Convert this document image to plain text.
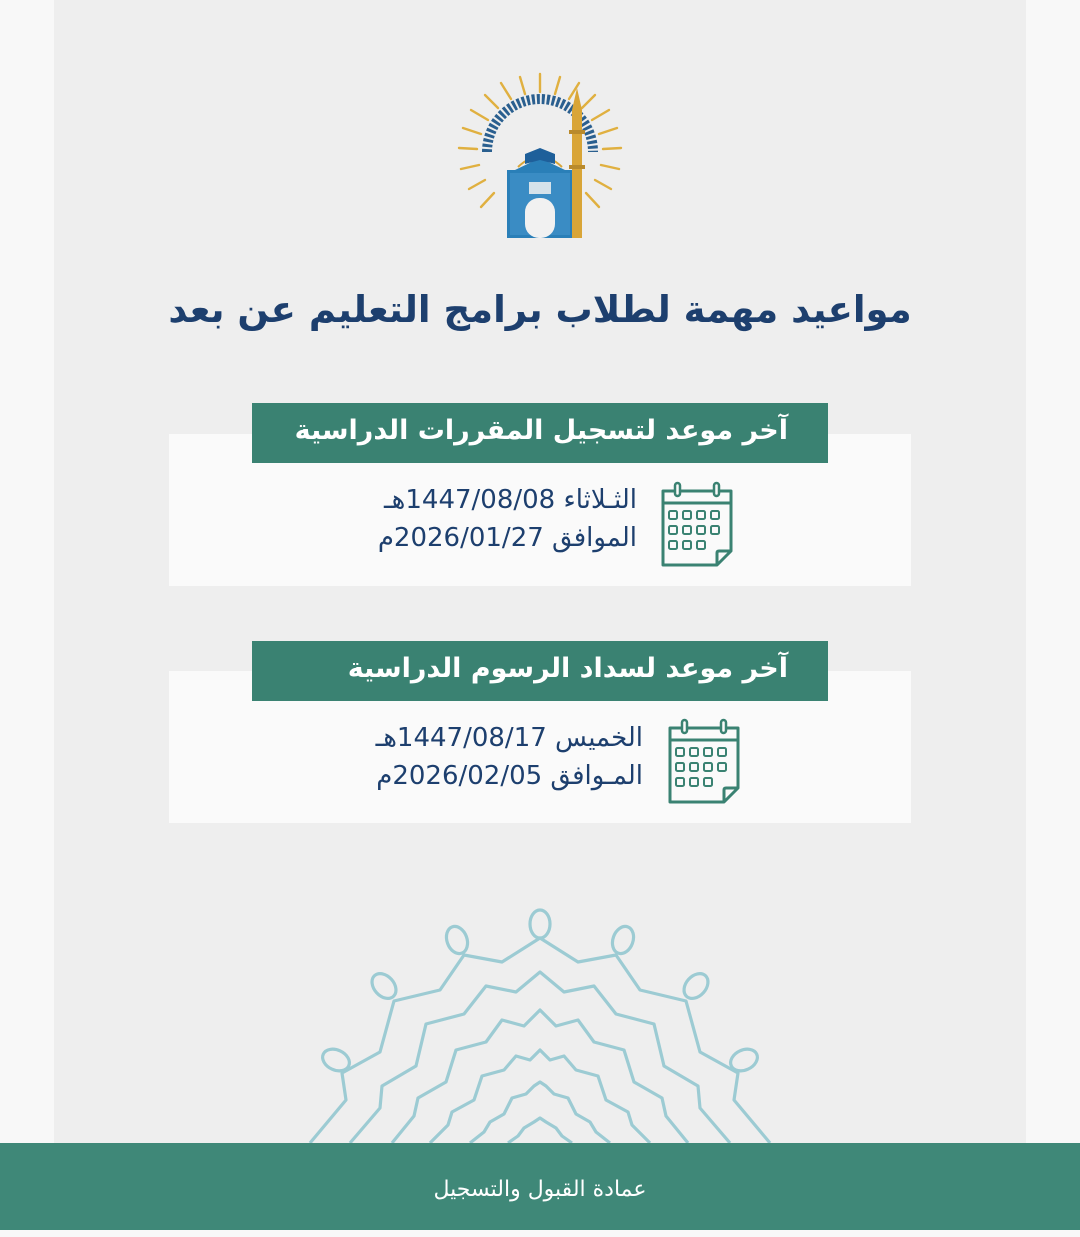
مواعيد مهمة لطلاب برامج التعليم عن بعد
آخر موعد لتسجيل المقررات الدراسية
الثـلاثاء 1447/08/08هـ
الموافق 2026/01/27م
آخر موعد لسداد الرسوم الدراسية
الخميس 1447/08/17هـ
المـوافق 2026/02/05م
عمادة القبول والتسجيل
